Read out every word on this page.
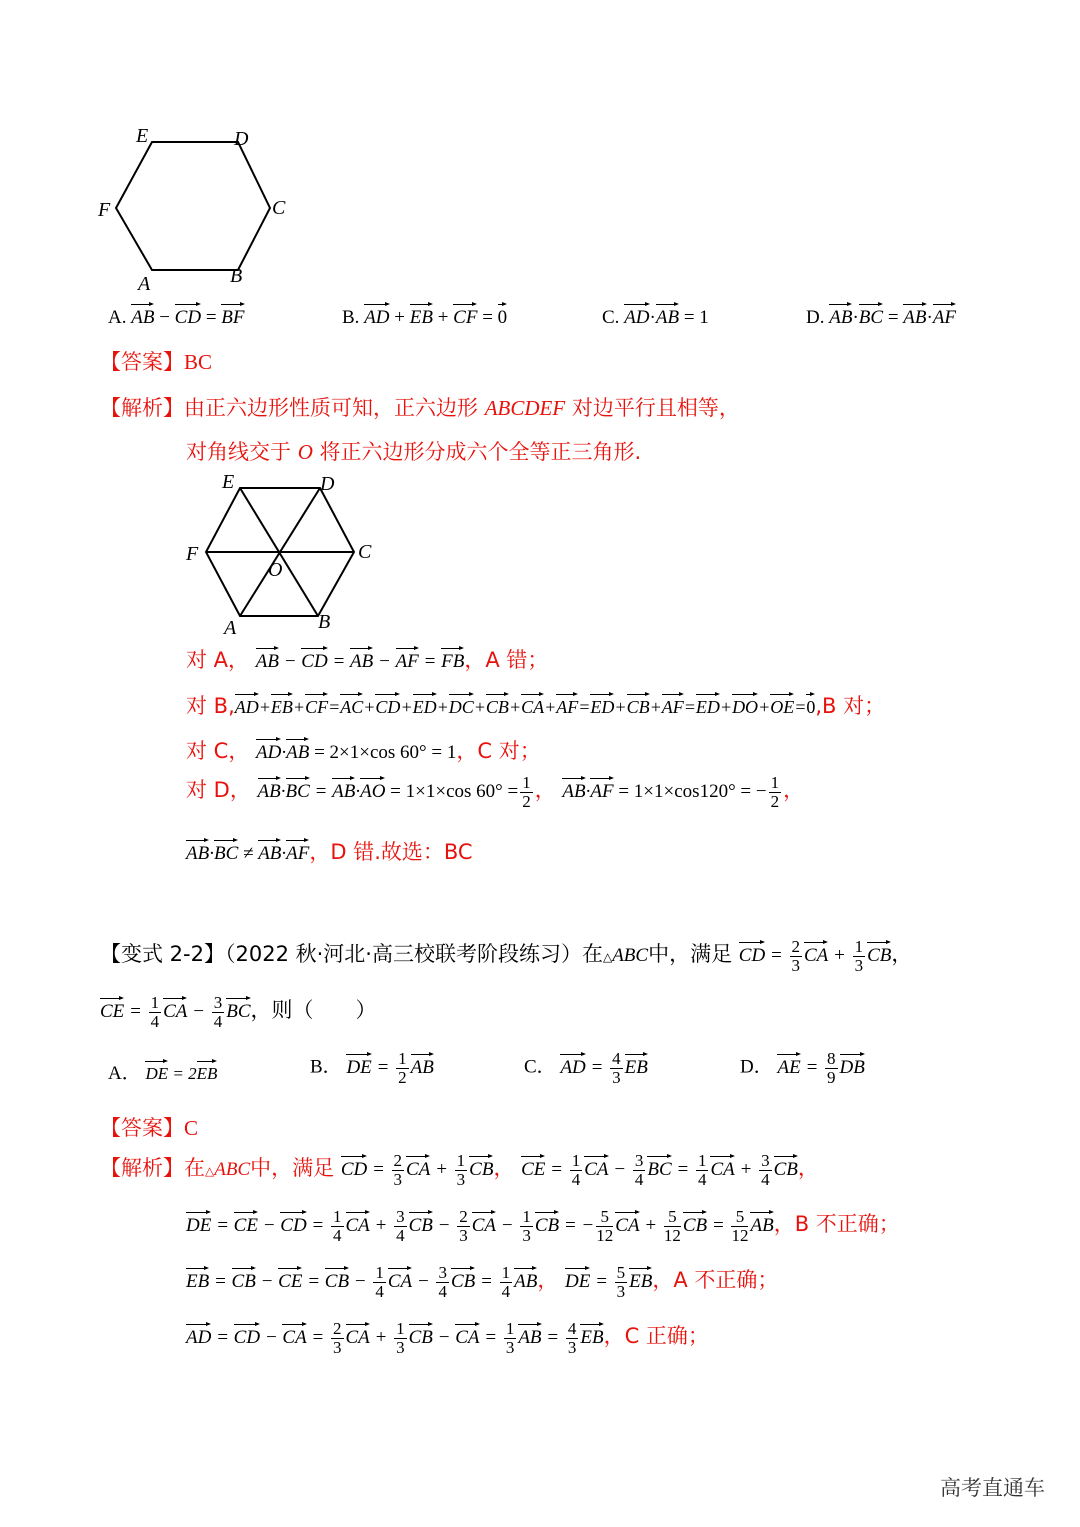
E	D
F	C
A	B
A. AB − CD = BF	B. AD + EB + CF = 0	C. AD·AB = 1	D. AB·BC = AB·AF
【答案】BC
【解析】由正六边形性质可知，正六边形 ABCDEF 对边平行且相等，
对角线交于 O 将正六边形分成六个全等正三角形.
E	D
F	C
O
A	B
对 A， AB − CD = AB − AF = FB，A 错；
对 B,AD+EB+CF=AC+CD+ED+DC+CB+CA+AF=ED+CB+AF=ED+DO+OE=0,B 对；
对 C， AD·AB = 2×1×cos 60° = 1，C 对；
对 D， AB·BC = AB·AO = 1×1×cos $60^\circ = \frac{1}{2}$ ， AB·AF = 1×1×cos120° = − $\frac{1}{2}$ ，
AB·BC ≠ AB·AF，D 错.故选：BC
【变式 2-2】（2022 秋·河北·高三校联考阶段练习）在△ABC中，满足 CD = $\frac{2}{3}$ CA + $\frac{1}{3}$ CB，
CE = $\frac{1}{4}$ CA − $\frac{3}{4}$ BC，则（　　）
A． DE = 2EB	B． DE = $\frac{1}{2}$ AB	C． AD = $\frac{4}{3}$ EB	D． AE = $\frac{8}{9}$ DB
【答案】C
【解析】在△ABC中，满足 CD = $\frac{2}{3}$ CA + $\frac{1}{3}$ CB， CE = $\frac{1}{4}$ CA − $\frac{3}{4}$ BC = $\frac{1}{4}$ CA + $\frac{3}{4}$ CB，
DE = CE − CD = $\frac{1}{4}$ CA + $\frac{3}{4}$ CB − $\frac{2}{3}$ CA − $\frac{1}{3}$ CB = − $\frac{5}{12}$ CA + $\frac{5}{12}$ CB = $\frac{5}{12}$ AB，B 不正确；
EB = CB − CE = CB − $\frac{1}{4}$ CA − $\frac{3}{4}$ CB = $\frac{1}{4}$ AB， DE = $\frac{5}{3}$ EB，A 不正确；
AD = CD − CA = $\frac{2}{3}$ CA + $\frac{1}{3}$ CB − CA = $\frac{1}{3}$ AB = $\frac{4}{3}$ EB，C 正确；
高考直通车
